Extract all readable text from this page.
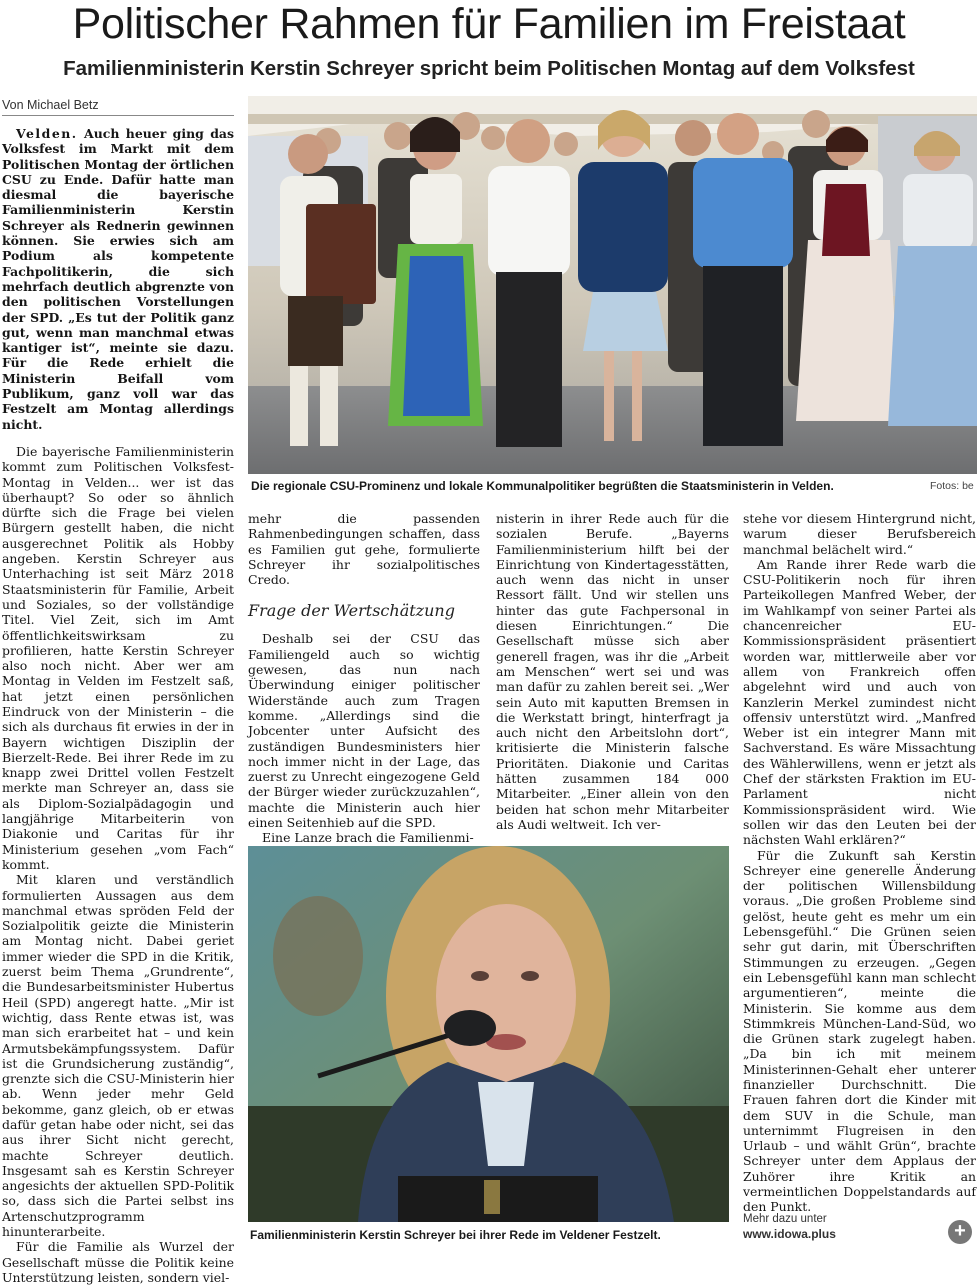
Politischer Rahmen für Familien im Freistaat
Familienministerin Kerstin Schreyer spricht beim Politischen Montag auf dem Volksfest
Von Michael Betz

Velden. Auch heuer ging das Volksfest im Markt mit dem Politischen Montag der örtlichen CSU zu Ende. Dafür hatte man diesmal die bayerische Familienministerin Kerstin Schreyer als Rednerin gewinnen können. Sie erwies sich am Podium als kompetente Fachpolitikerin, die sich mehrfach deutlich abgrenzte von den politischen Vorstellungen der SPD. „Es tut der Politik ganz gut, wenn man manchmal etwas kantiger ist“, meinte sie dazu. Für die Rede erhielt die Ministerin Beifall vom Publikum, ganz voll war das Festzelt am Montag allerdings nicht.

Die bayerische Familienministerin kommt zum Politischen Volksfest-Montag in Velden... wer ist das überhaupt? So oder so ähnlich dürfte sich die Frage bei vielen Bürgern gestellt haben, die nicht ausgerechnet Politik als Hobby angeben. Kerstin Schreyer aus Unterhaching ist seit März 2018 Staatsministerin für Familie, Arbeit und Soziales, so der vollständige Titel. Viel Zeit, sich im Amt öffentlichkeitswirksam zu profilieren, hatte Kerstin Schreyer also noch nicht. Aber wer am Montag in Velden im Festzelt saß, hat jetzt einen persönlichen Eindruck von der Ministerin – die sich als durchaus fit erwies in der in Bayern wichtigen Disziplin der Bierzelt-Rede. Bei ihrer Rede im zu knapp zwei Drittel vollen Festzelt merkte man Schreyer an, dass sie als Diplom-Sozialpädagogin und langjährige Mitarbeiterin von Diakonie und Caritas für ihr Ministerium gesehen „vom Fach“ kommt.

Mit klaren und verständlich formulierten Aussagen aus dem manchmal etwas spröden Feld der Sozialpolitik geizte die Ministerin am Montag nicht. Dabei geriet immer wieder die SPD in die Kritik, zuerst beim Thema „Grundrente“, die Bundesarbeitsminister Hubertus Heil (SPD) angeregt hatte. „Mir ist wichtig, dass Rente etwas ist, was man sich erarbeitet hat – und kein Armutsbekämpfungssystem. Dafür ist die Grundsicherung zuständig“, grenzte sich die CSU-Ministerin hier ab. Wenn jeder mehr Geld bekomme, ganz gleich, ob er etwas dafür getan habe oder nicht, sei das aus ihrer Sicht nicht gerecht, machte Schreyer deutlich. Insgesamt sah es Kerstin Schreyer angesichts der aktuellen SPD-Politik so, dass sich die Partei selbst ins Artenschutzprogramm hinunterarbeite.

Für die Familie als Wurzel der Gesellschaft müsse die Politik keine Unterstützung leisten, sondern viel-

Die regionale CSU-Prominenz und lokale Kommunalpolitiker begrüßten die Staatsministerin in Velden.	Fotos: be

mehr die passenden Rahmenbedingungen schaffen, dass es Familien gut gehe, formulierte Schreyer ihr sozialpolitisches Credo.

Frage der Wertschätzung

Deshalb sei der CSU das Familiengeld auch so wichtig gewesen, das nun nach Überwindung einiger politischer Widerstände auch zum Tragen komme. „Allerdings sind die Jobcenter unter Aufsicht des zuständigen Bundesministers hier noch immer nicht in der Lage, das zuerst zu Unrecht eingezogene Geld der Bürger wieder zurückzuzahlen“, machte die Ministerin auch hier einen Seitenhieb auf die SPD.

Eine Lanze brach die Familienmi-

nisterin in ihrer Rede auch für die sozialen Berufe. „Bayerns Familienministerium hilft bei der Einrichtung von Kindertagesstätten, auch wenn das nicht in unser Ressort fällt. Und wir stellen uns hinter das gute Fachpersonal in diesen Einrichtungen.“ Die Gesellschaft müsse sich aber generell fragen, was ihr die „Arbeit am Menschen“ wert sei und was man dafür zu zahlen bereit sei. „Wer sein Auto mit kaputten Bremsen in die Werkstatt bringt, hinterfragt ja auch nicht den Arbeitslohn dort“, kritisierte die Ministerin falsche Prioritäten. Diakonie und Caritas hätten zusammen 184 000 Mitarbeiter. „Einer allein von den beiden hat schon mehr Mitarbeiter als Audi weltweit. Ich ver-

Familienministerin Kerstin Schreyer bei ihrer Rede im Veldener Festzelt.

stehe vor diesem Hintergrund nicht, warum dieser Berufsbereich manchmal belächelt wird.“

Am Rande ihrer Rede warb die CSU-Politikerin noch für ihren Parteikollegen Manfred Weber, der im Wahlkampf von seiner Partei als chancenreicher EU-Kommissionspräsident präsentiert worden war, mittlerweile aber vor allem von Frankreich offen abgelehnt wird und auch von Kanzlerin Merkel zumindest nicht offensiv unterstützt wird. „Manfred Weber ist ein integrer Mann mit Sachverstand. Es wäre Missachtung des Wählerwillens, wenn er jetzt als Chef der stärksten Fraktion im EU-Parlament nicht Kommissionspräsident wird. Wie sollen wir das den Leuten bei der nächsten Wahl erklären?“

Für die Zukunft sah Kerstin Schreyer eine generelle Änderung der politischen Willensbildung voraus. „Die großen Probleme sind gelöst, heute geht es mehr um ein Lebensgefühl.“ Die Grünen seien sehr gut darin, mit Überschriften Stimmungen zu erzeugen. „Gegen ein Lebensgefühl kann man schlecht argumentieren“, meinte die Ministerin. Sie komme aus dem Stimmkreis München-Land-Süd, wo die Grünen stark zugelegt haben. „Da bin ich mit meinem Ministerinnen-Gehalt eher unterer finanzieller Durchschnitt. Die Frauen fahren dort die Kinder mit dem SUV in die Schule, man unternimmt Flugreisen in den Urlaub – und wählt Grün“, brachte Schreyer unter dem Applaus der Zuhörer ihre Kritik an vermeintlichen Doppelstandards auf den Punkt.

Mehr dazu unter
www.idowa.plus	+
